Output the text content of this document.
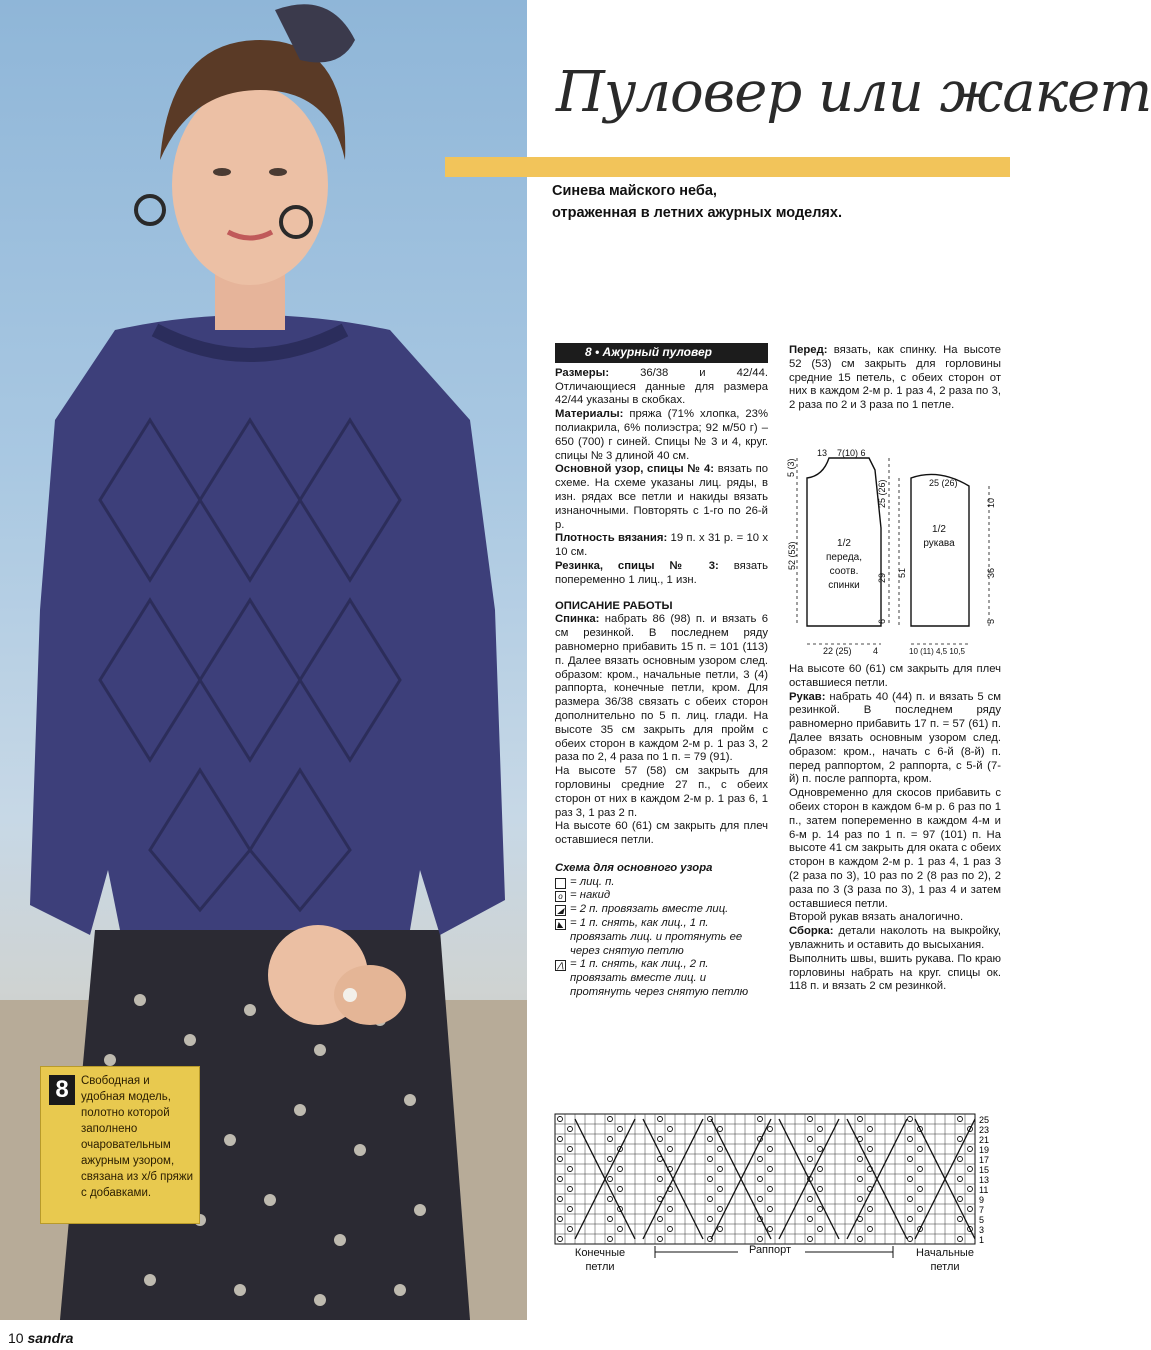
8	Свободная и удобная модель, полотно которой заполнено очаровательным ажурным узором, связана из х/б пряжи с добавками.
Пуловер или жакет
Синева майского неба,
отраженная в летних ажурных моделях.
8 • Ажурный пуловер
Размеры:	36/38 и 42/44. Отличающиеся данные для размера 42/44 указаны в скобках.
Материалы: пряжа (71% хлопка, 23% полиакрила, 6% полиэстра; 92 м/50 г) – 650 (700) г синей. Спицы № 3 и 4, круг. спицы № 3 длиной 40 см.
Основной узор, спицы № 4: вязать по схеме. На схеме указаны лиц. ряды, в изн. рядах все петли и накиды вязать изнаночными. Повторять с 1-го по 26-й р.
Плотность вязания: 19 п. х 31 р. = 10 х 10 см.
Резинка, спицы № 3: вязать попеременно 1 лиц., 1 изн.
ОПИСАНИЕ РАБОТЫ
Спинка: набрать 86 (98) п. и вязать 6 см резинкой. В последнем ряду равномерно прибавить 15 п. = 101 (113) п. Далее вязать основным узором след. образом: кром., начальные петли, 3 (4) раппорта, конечные петли, кром. Для размера 36/38 связать с обеих сторон дополнительно по 5 п. лиц. глади. На высоте 35 см закрыть для пройм с обеих сторон в каждом 2-м р. 1 раз 3, 2 раза по 2, 4 раза по 1 п. = 79 (91).
На высоте 57 (58) см закрыть для горловины средние 27 п., с обеих сторон от них в каждом 2-м р. 1 раз 6, 1 раз 3, 1 раз 2 п.
На высоте 60 (61) см закрыть для плеч оставшиеся петли.
Схема для основного узора
= лиц. п.
o = накид
◢ = 2 п. провязать вместе лиц.
◣ = 1 п. снять, как лиц., 1 п. провязать лиц. и протянуть ее через снятую петлю
⋀ = 1 п. снять, как лиц., 2 п. провязать вместе лиц. и протянуть через снятую петлю
Перед: вязать, как спинку. На высоте 52 (53) см закрыть для горловины средние 15 петель, с обеих сторон от них в каждом 2-м р. 1 раз 4, 2 раза по 3, 2 раза по 2 и 3 раза по 1 петле.
На высоте 60 (61) см закрыть для плеч оставшиеся петли.
Рукав: набрать 40 (44) п. и вязать 5 см резинкой. В последнем ряду равномерно прибавить 17 п. = 57 (61) п. Далее вязать основным узором след. образом: кром., начать с 6-й (8-й) п. перед раппортом, 2 раппорта, с 5-й (7-й) п. после раппорта, кром.
Одновременно для скосов прибавить с обеих сторон в каждом 6-м р. 6 раз по 1 п., затем попеременно в каждом 4-м и 6-м р. 14 раз по 1 п. = 97 (101) п. На высоте 41 см закрыть для оката с обеих сторон в каждом 2-м р. 1 раз 4, 1 раз 3 (2 раза по 3), 10 раз по 2 (8 раз по 2), 2 раза по 3 (3 раза по 3), 1 раз 4 и затем оставшиеся петли.
Второй рукав вязать аналогично.
Сборка: детали наколоть на выкройку, увлажнить и оставить до высыхания.
Выполнить швы, вшить рукава. По краю горловины набрать на круг. спицы ок. 118 п. и вязать 2 см резинкой.
13 7(10) 6
5 (3)
25 (26)
52 (53)
29
6
22 (25) 4
25 (26)
10
51	36
5
10 (11) 4,5 10,5
1/2
переда,
соотв.
спинки
1/2
рукава
25
23
21
19
17
15
13
11
9
7
5
3
1
Конечные
петли
Раппорт	Начальные
петли
10 sandra
